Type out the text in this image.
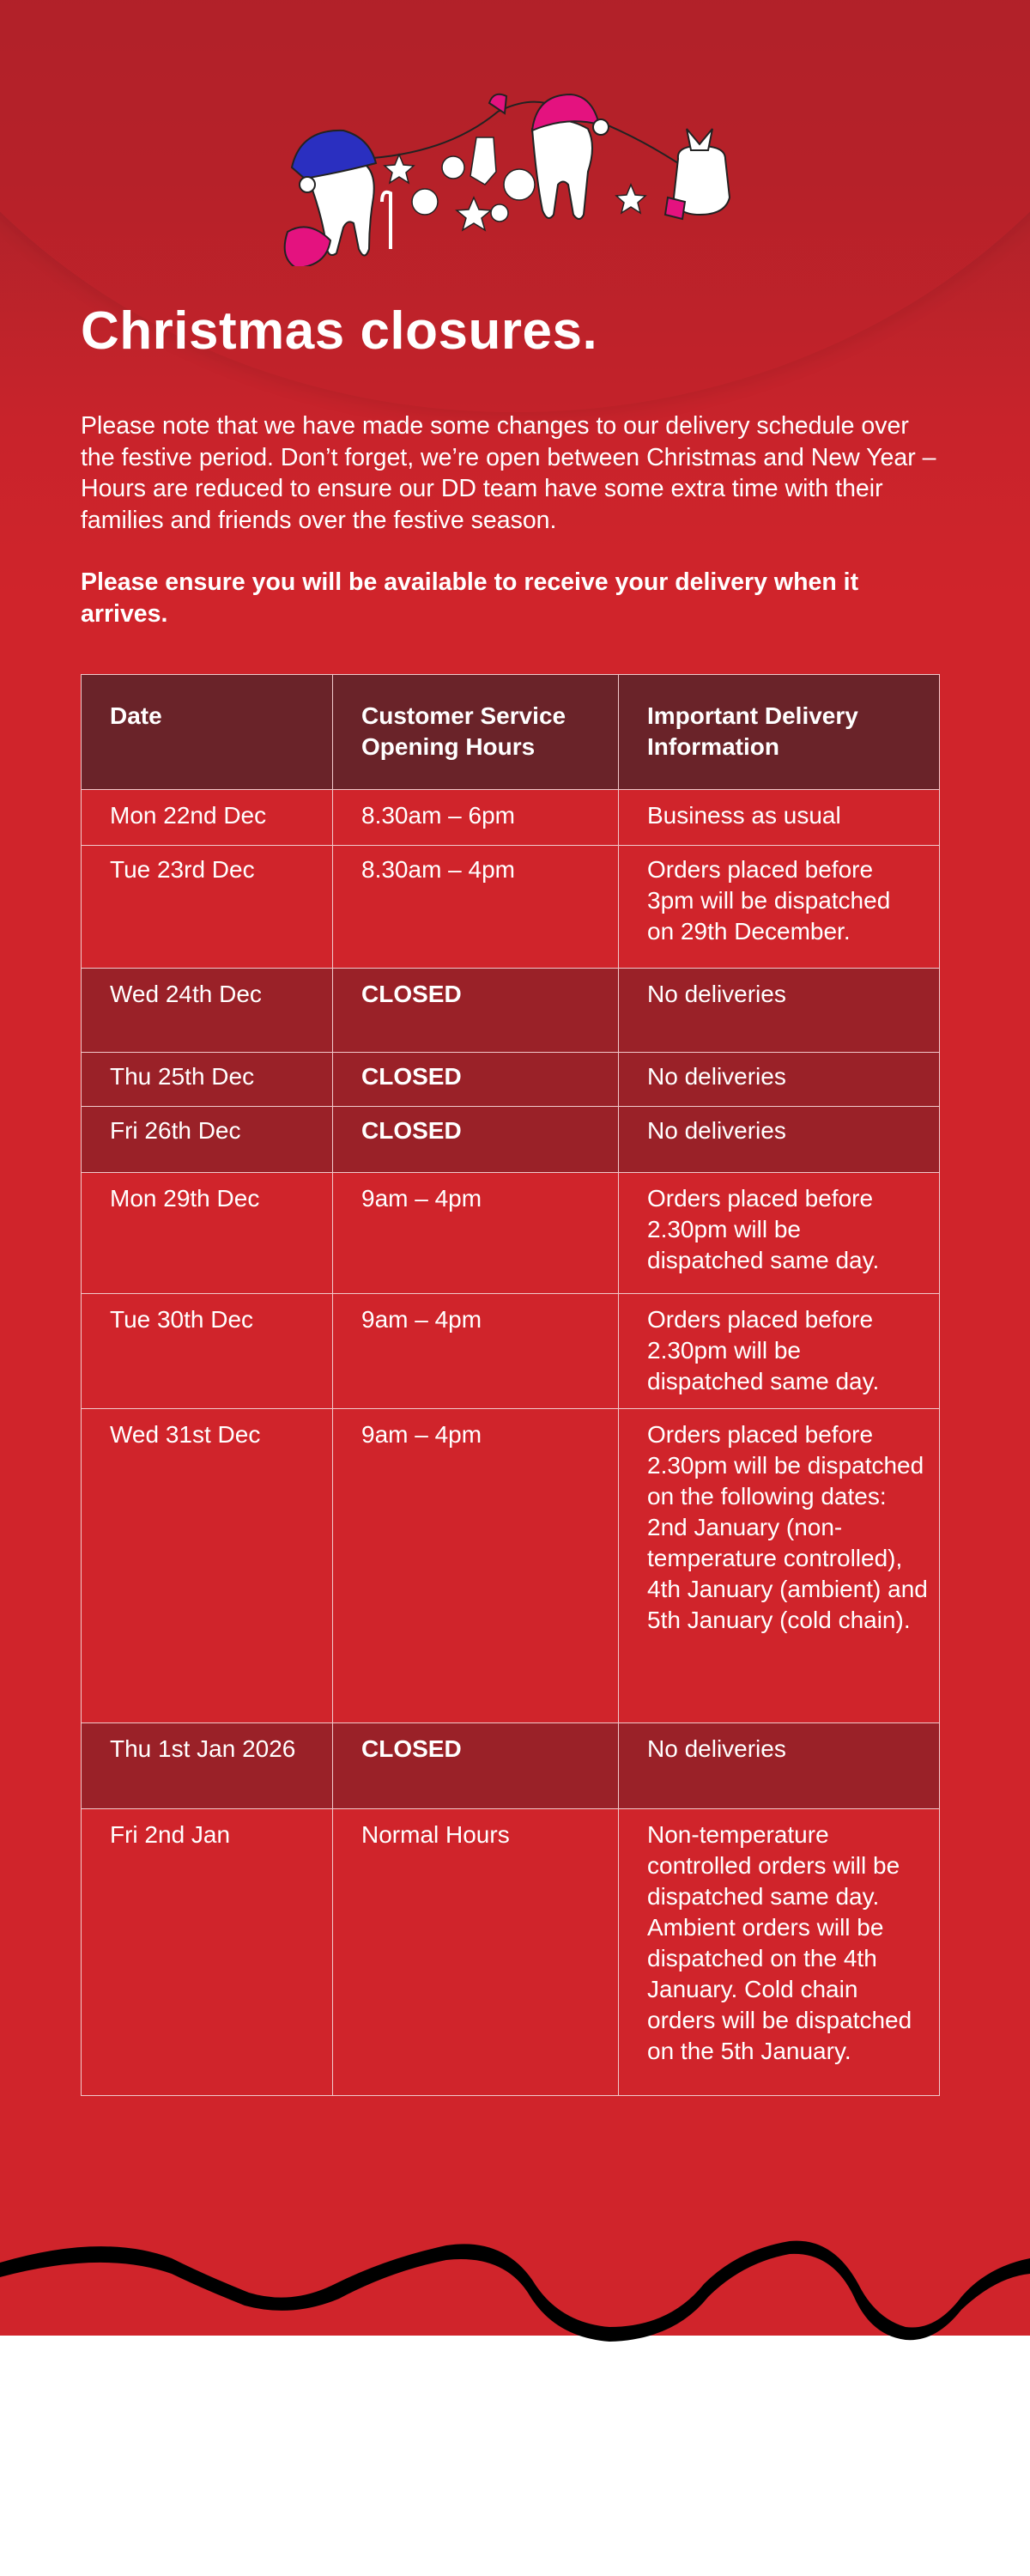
Christmas closures.

Please note that we have made some changes to our delivery schedule over the festive period. Don’t forget, we’re open between Christmas and New Year – Hours are reduced to ensure our DD team have some extra time with their families and friends over the festive season.

Please ensure you will be available to receive your delivery when it arrives.

Date	Customer Service Opening Hours	Important Delivery Information
Mon 22nd Dec	8.30am – 6pm	Business as usual
Tue 23rd Dec	8.30am – 4pm	Orders placed before 3pm will be dispatched on 29th December.
Wed 24th Dec	CLOSED	No deliveries
Thu 25th Dec	CLOSED	No deliveries
Fri 26th Dec	CLOSED	No deliveries
Mon 29th Dec	9am – 4pm	Orders placed before 2.30pm will be dispatched same day.
Tue 30th Dec	9am – 4pm	Orders placed before 2.30pm will be dispatched same day.
Wed 31st Dec	9am – 4pm	Orders placed before 2.30pm will be dispatched on the following dates: 2nd January (non-temperature controlled), 4th January (ambient) and 5th January (cold chain).
Thu 1st Jan 2026	CLOSED	No deliveries
Fri 2nd Jan	Normal Hours	Non-temperature controlled orders will be dispatched same day. Ambient orders will be dispatched on the 4th January. Cold chain orders will be dispatched on the 5th January.
